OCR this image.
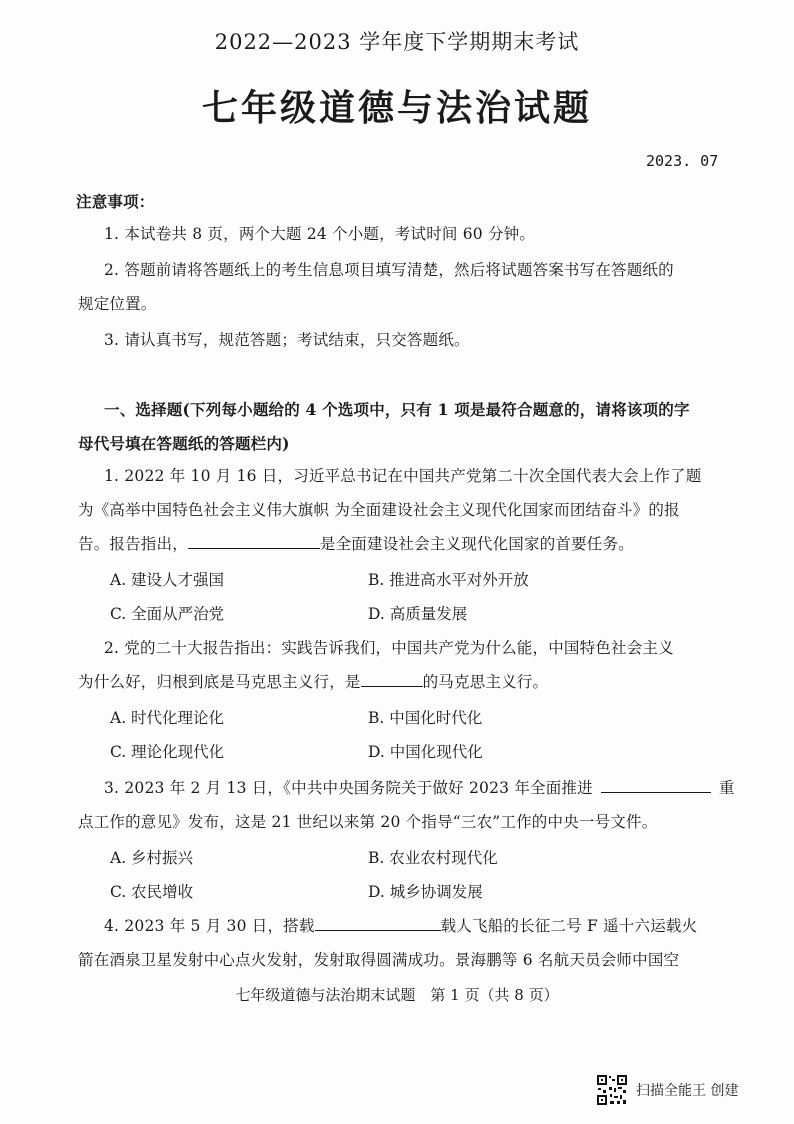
2022—2023 学年度下学期期末考试
七年级道德与法治试题
2023. 07
注意事项：
1. 本试卷共 8 页，两个大题 24 个小题，考试时间 60 分钟。
2. 答题前请将答题纸上的考生信息项目填写清楚，然后将试题答案书写在答题纸的
规定位置。
3. 请认真书写，规范答题；考试结束，只交答题纸。
一、选择题(下列每小题给的 4 个选项中，只有 1 项是最符合题意的，请将该项的字
母代号填在答题纸的答题栏内)
1. 2022 年 10 月 16 日，习近平总书记在中国共产党第二十次全国代表大会上作了题
为《高举中国特色社会主义伟大旗帜 为全面建设社会主义现代化国家而团结奋斗》的报
告。报告指出，	是全面建设社会主义现代化国家的首要任务。
A. 建设人才强国	B. 推进高水平对外开放
C. 全面从严治党	D. 高质量发展
2. 党的二十大报告指出：实践告诉我们，中国共产党为什么能，中国特色社会主义
为什么好，归根到底是马克思主义行，是	的马克思主义行。
A. 时代化理论化	B. 中国化时代化
C. 理论化现代化	D. 中国化现代化
3. 2023 年 2 月 13 日，《中共中央国务院关于做好 2023 年全面推进	重
点工作的意见》发布，这是 21 世纪以来第 20 个指导“三农”工作的中央一号文件。
A. 乡村振兴	B. 农业农村现代化
C. 农民增收	D. 城乡协调发展
4. 2023 年 5 月 30 日，搭载	载人飞船的长征二号 F 遥十六运载火
箭在酒泉卫星发射中心点火发射，发射取得圆满成功。景海鹏等 6 名航天员会师中国空
七年级道德与法治期末试题　第 1 页（共 8 页）
扫描全能王 创建
